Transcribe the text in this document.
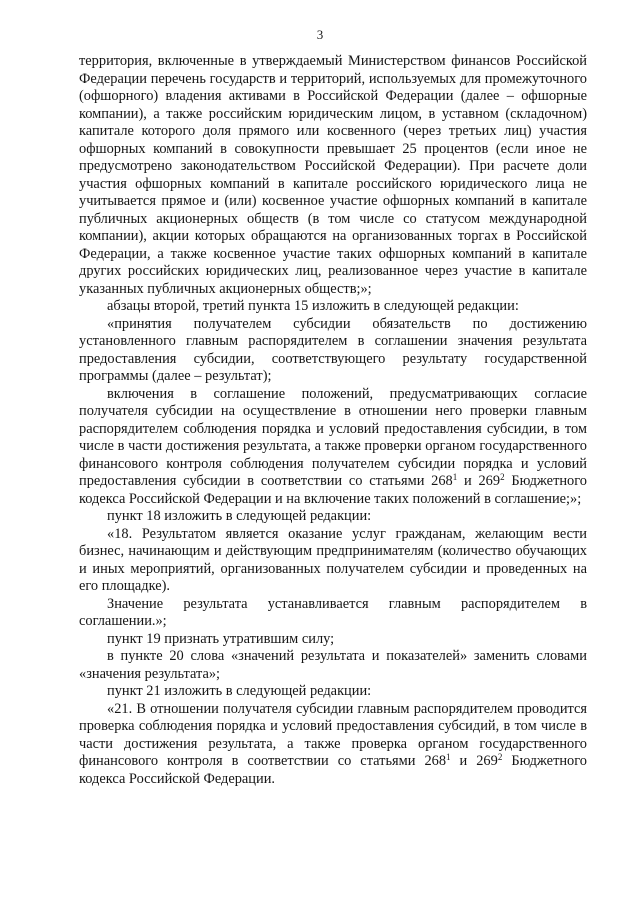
3

территория, включенные в утверждаемый Министерством финансов Российской Федерации перечень государств и территорий, используемых для промежуточного (офшорного) владения активами в Российской Федерации (далее – офшорные компании), а также российским юридическим лицом, в уставном (складочном) капитале которого доля прямого или косвенного (через третьих лиц) участия офшорных компаний в совокупности превышает 25 процентов (если иное не предусмотрено законодательством Российской Федерации). При расчете доли участия офшорных компаний в капитале российского юридического лица не учитывается прямое и (или) косвенное участие офшорных компаний в капитале публичных акционерных обществ (в том числе со статусом международной компании), акции которых обращаются на организованных торгах в Российской Федерации, а также косвенное участие таких офшорных компаний в капитале других российских юридических лиц, реализованное через участие в капитале указанных публичных акционерных обществ;»;

абзацы второй, третий пункта 15 изложить в следующей редакции:

«принятия получателем субсидии обязательств по достижению установленного главным распорядителем в соглашении значения результата предоставления субсидии, соответствующего результату государственной программы (далее – результат);

включения в соглашение положений, предусматривающих согласие получателя субсидии на осуществление в отношении него проверки главным распорядителем соблюдения порядка и условий предоставления субсидии, в том числе в части достижения результата, а также проверки органом государственного финансового контроля соблюдения получателем субсидии порядка и условий предоставления субсидии в соответствии со статьями $268^1$ и $269^2$ Бюджетного кодекса Российской Федерации и на включение таких положений в соглашение;»;

пункт 18 изложить в следующей редакции:

«18. Результатом является оказание услуг гражданам, желающим вести бизнес, начинающим и действующим предпринимателям (количество обучающих и иных мероприятий, организованных получателем субсидии и проведенных на его площадке).

Значение результата устанавливается главным распорядителем в соглашении.»;

пункт 19 признать утратившим силу;

в пункте 20 слова «значений результата и показателей» заменить словами «значения результата»;

пункт 21 изложить в следующей редакции:

«21. В отношении получателя субсидии главным распорядителем проводится проверка соблюдения порядка и условий предоставления субсидий, в том числе в части достижения результата, а также проверка органом государственного финансового контроля в соответствии со статьями $268^1$ и $269^2$ Бюджетного кодекса Российской Федерации.
